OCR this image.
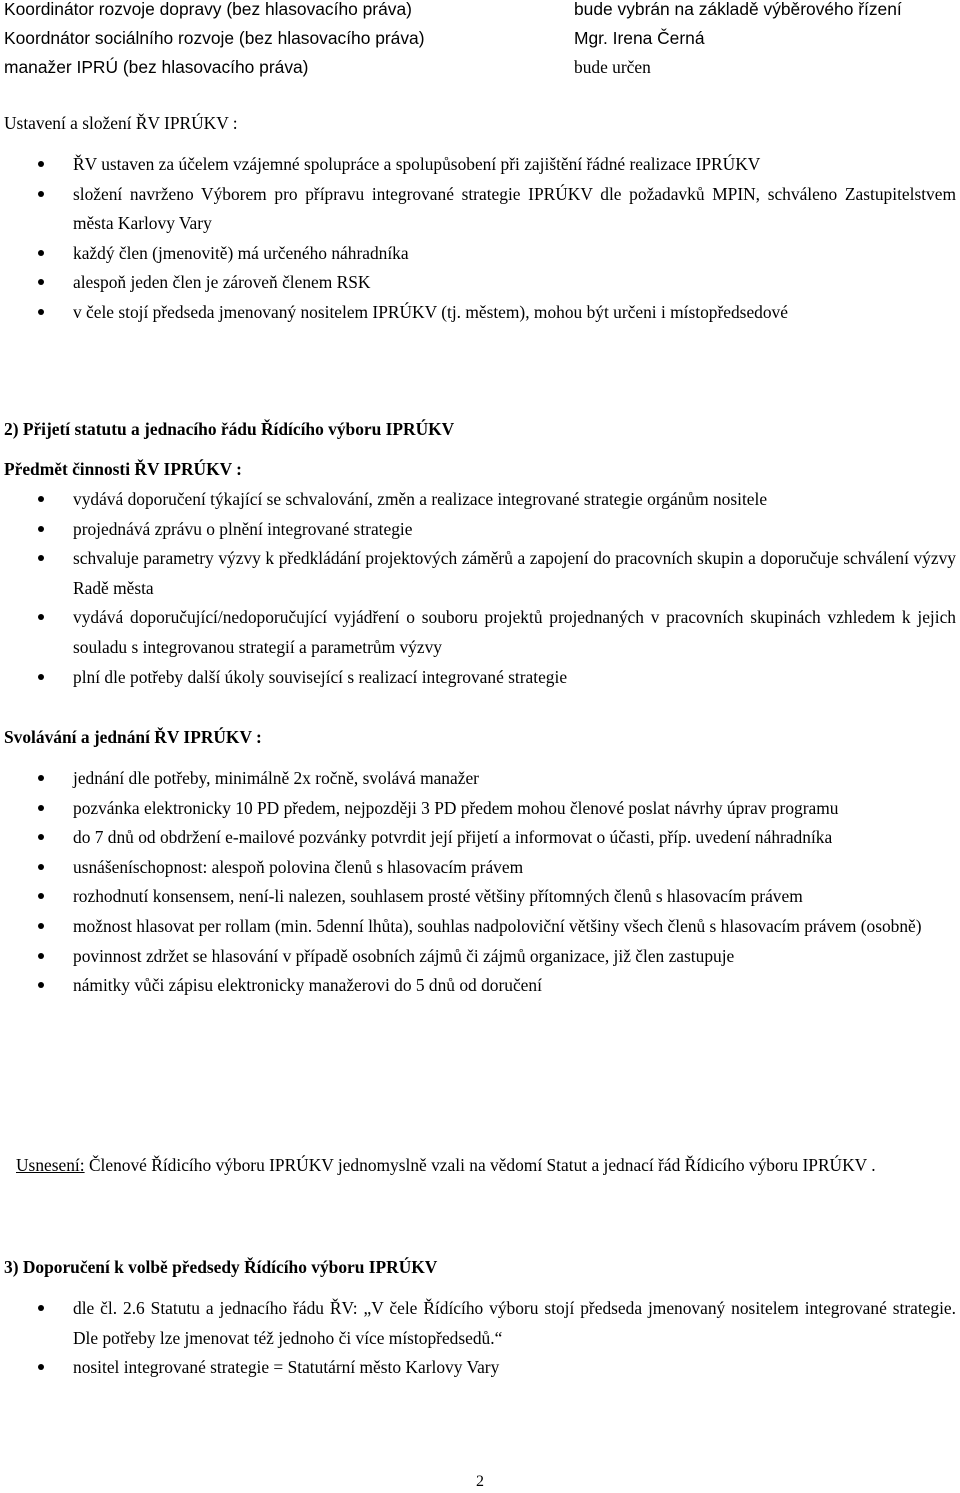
Koordinátor rozvoje dopravy (bez hlasovacího práva)	bude vybrán na základě výběrového řízení
Koordnátor sociálního rozvoje (bez hlasovacího práva)	Mgr. Irena Černá
manažer IPRÚ (bez hlasovacího práva)	bude určen
Ustavení a složení ŘV IPRÚKV :
ŘV ustaven za účelem vzájemné spolupráce a spolupůsobení při zajištění řádné realizace IPRÚKV
složení navrženo Výborem pro přípravu integrované strategie IPRÚKV dle požadavků MPIN, schváleno Zastupitelstvem města Karlovy Vary
každý člen (jmenovitě) má určeného náhradníka
alespoň jeden člen je zároveň členem RSK
v čele stojí předseda jmenovaný nositelem IPRÚKV (tj. městem), mohou být určeni i místopředsedové
2) Přijetí statutu a jednacího řádu Řídícího výboru IPRÚKV
Předmět činnosti ŘV IPRÚKV :
vydává doporučení týkající se schvalování, změn a realizace integrované strategie orgánům nositele
projednává zprávu o plnění integrované strategie
schvaluje parametry výzvy k předkládání projektových záměrů a zapojení do pracovních skupin a doporučuje schválení výzvy Radě města
vydává doporučující/nedoporučující vyjádření o souboru projektů projednaných v pracovních skupinách vzhledem k jejich souladu s integrovanou strategií a parametrům výzvy
plní dle potřeby další úkoly související s realizací integrované strategie
Svolávání a jednání ŘV IPRÚKV :
jednání dle potřeby, minimálně 2x ročně, svolává manažer
pozvánka elektronicky 10 PD předem, nejpozději 3 PD předem mohou členové poslat návrhy úprav programu
do 7 dnů od obdržení e-mailové pozvánky potvrdit její přijetí a informovat o účasti, příp. uvedení náhradníka
usnášeníschopnost: alespoň polovina členů s hlasovacím právem
rozhodnutí konsensem, není-li nalezen, souhlasem prosté většiny přítomných členů s hlasovacím právem
možnost hlasovat per rollam (min. 5denní lhůta), souhlas nadpoloviční většiny všech členů s hlasovacím právem (osobně)
povinnost zdržet se hlasování v případě osobních zájmů či zájmů organizace, již člen zastupuje
námitky vůči zápisu elektronicky manažerovi do 5 dnů od doručení
Usnesení: Členové Řídicího výboru IPRÚKV jednomyslně vzali na vědomí Statut a jednací řád Řídicího výboru IPRÚKV .
3) Doporučení k volbě předsedy Řídícího výboru IPRÚKV
dle čl. 2.6 Statutu a jednacího řádu ŘV: „V čele Řídícího výboru stojí předseda jmenovaný nositelem integrované strategie. Dle potřeby lze jmenovat též jednoho či více místopředsedů.“
nositel integrované strategie = Statutární město Karlovy Vary
2
